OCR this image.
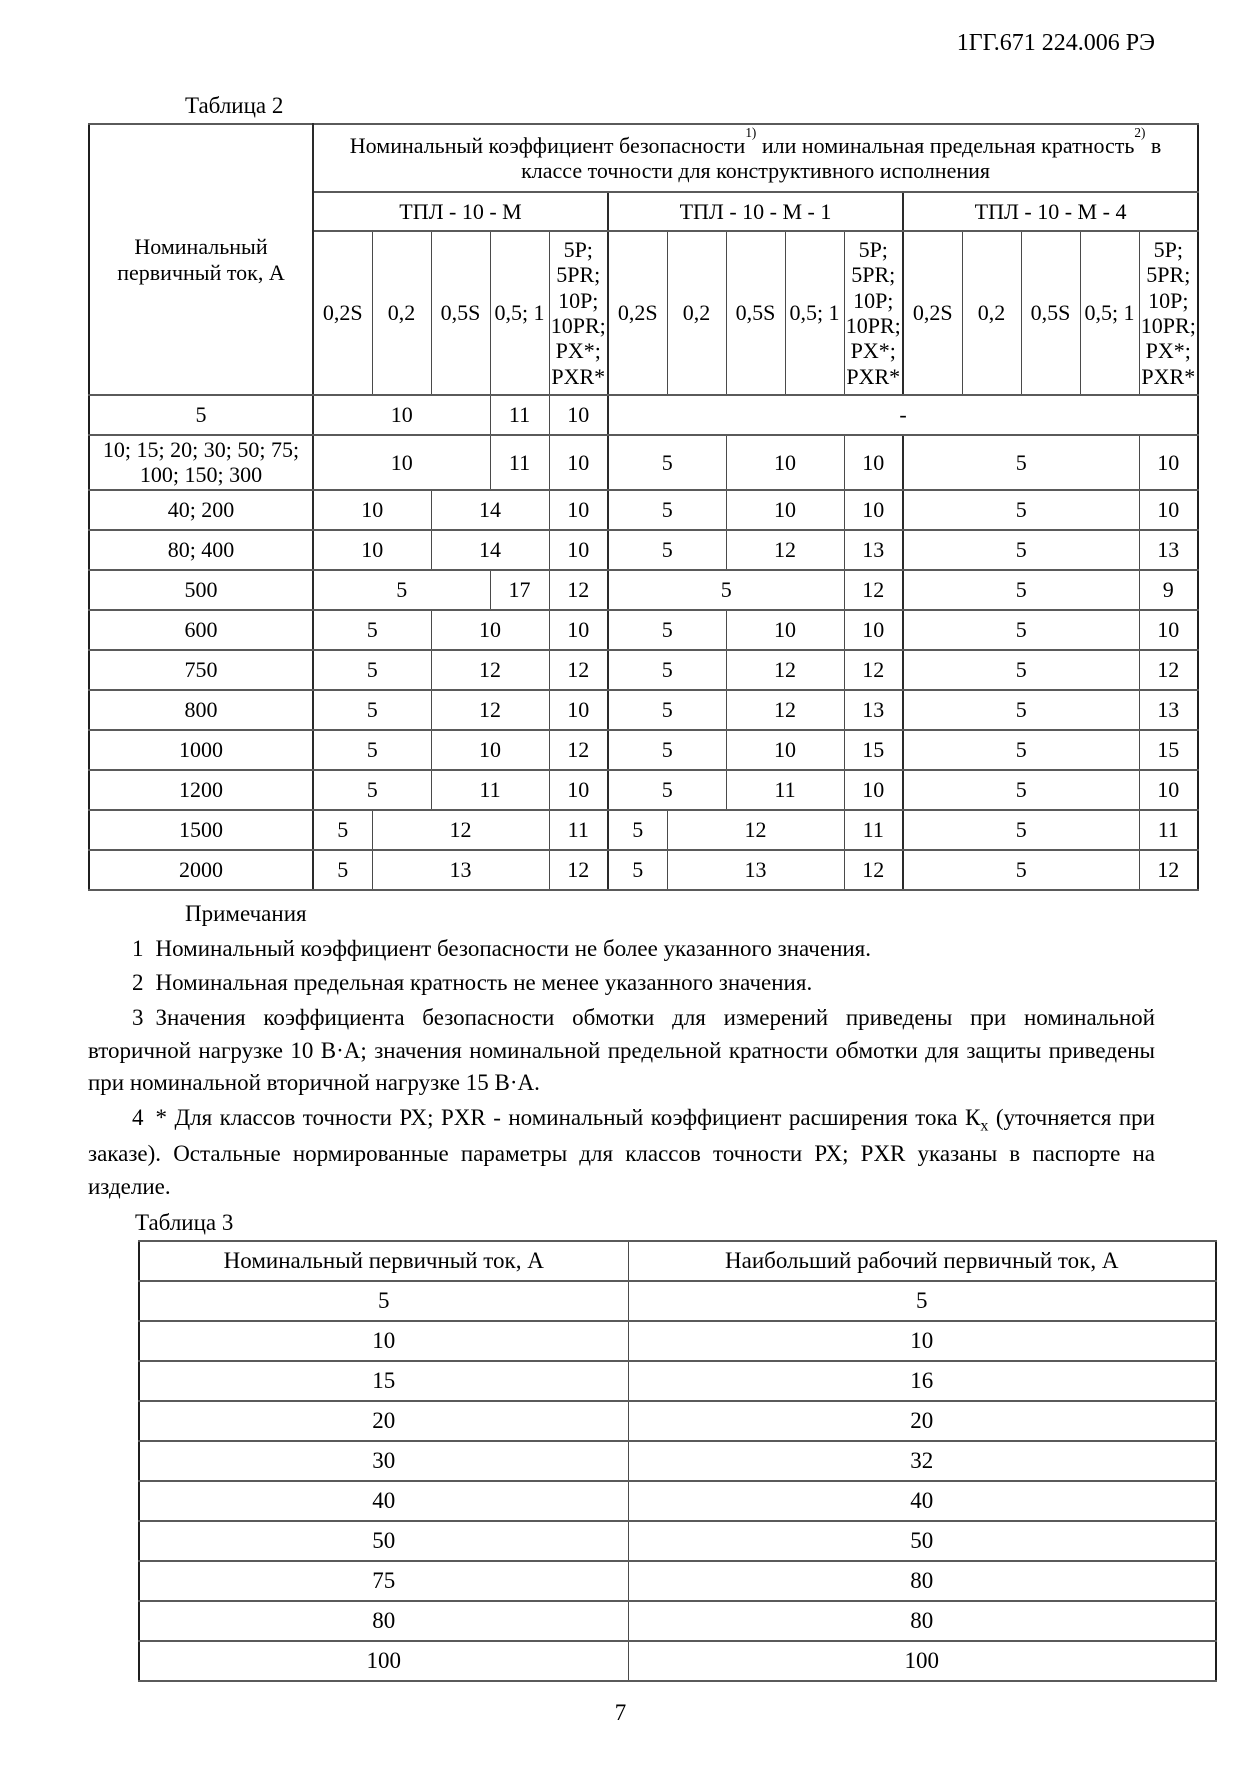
1ГГ.671 224.006 РЭ
Таблица 2
Номинальный первичный ток, А	Номинальный коэффициент безопасности$^{1)}$ или номинальная предельная кратность$^{2)}$ в классе точности для конструктивного исполнения														
	ТПЛ - 10 - М					ТПЛ - 10 - М - 1					ТПЛ - 10 - М - 4				
	0,2S	0,2	0,5S	0,5; 1	5P; 5PR; 10P; 10PR; PX*; PXR*	0,2S	0,2	0,5S	0,5; 1	5P; 5PR; 10P; 10PR; PX*; PXR*	0,2S	0,2	0,5S	0,5; 1	5P; 5PR; 10P; 10PR; PX*; PXR*
5	10			11	10	-									
10; 15; 20; 30; 50; 75; 100; 150; 300	10			11	10	5		10		10	5				10
40; 200	10		14		10	5		10		10	5				10
80; 400	10		14		10	5		12		13	5				13
500	5			17	12	5				12	5				9
600	5		10		10	5		10		10	5				10
750	5		12		12	5		12		12	5				12
800	5		12		10	5		12		13	5				13
1000	5		10		12	5		10		15	5				15
1200	5		11		10	5		11		10	5				10
1500	5	12			11	5	12			11	5				11
2000	5	13			12	5	13			12	5				12
Примечания

1 Номинальный коэффициент безопасности не более указанного значения.

2 Номинальная предельная кратность не менее указанного значения.

3 Значения коэффициента безопасности обмотки для измерений приведены при номинальной вторичной нагрузке 10 В·А; значения номинальной предельной кратности обмотки для защиты приведены при номинальной вторичной нагрузке 15 В·А.

4 * Для классов точности РХ; PXR - номинальный коэффициент расширения тока $К_х$ (уточняется при заказе). Остальные нормированные параметры для классов точности РХ; PXR указаны в паспорте на изделие.

Таблица 3
Номинальный первичный ток, А	Наибольший рабочий первичный ток, А
5	5
10	10
15	16
20	20
30	32
40	40
50	50
75	80
80	80
100	100
7
